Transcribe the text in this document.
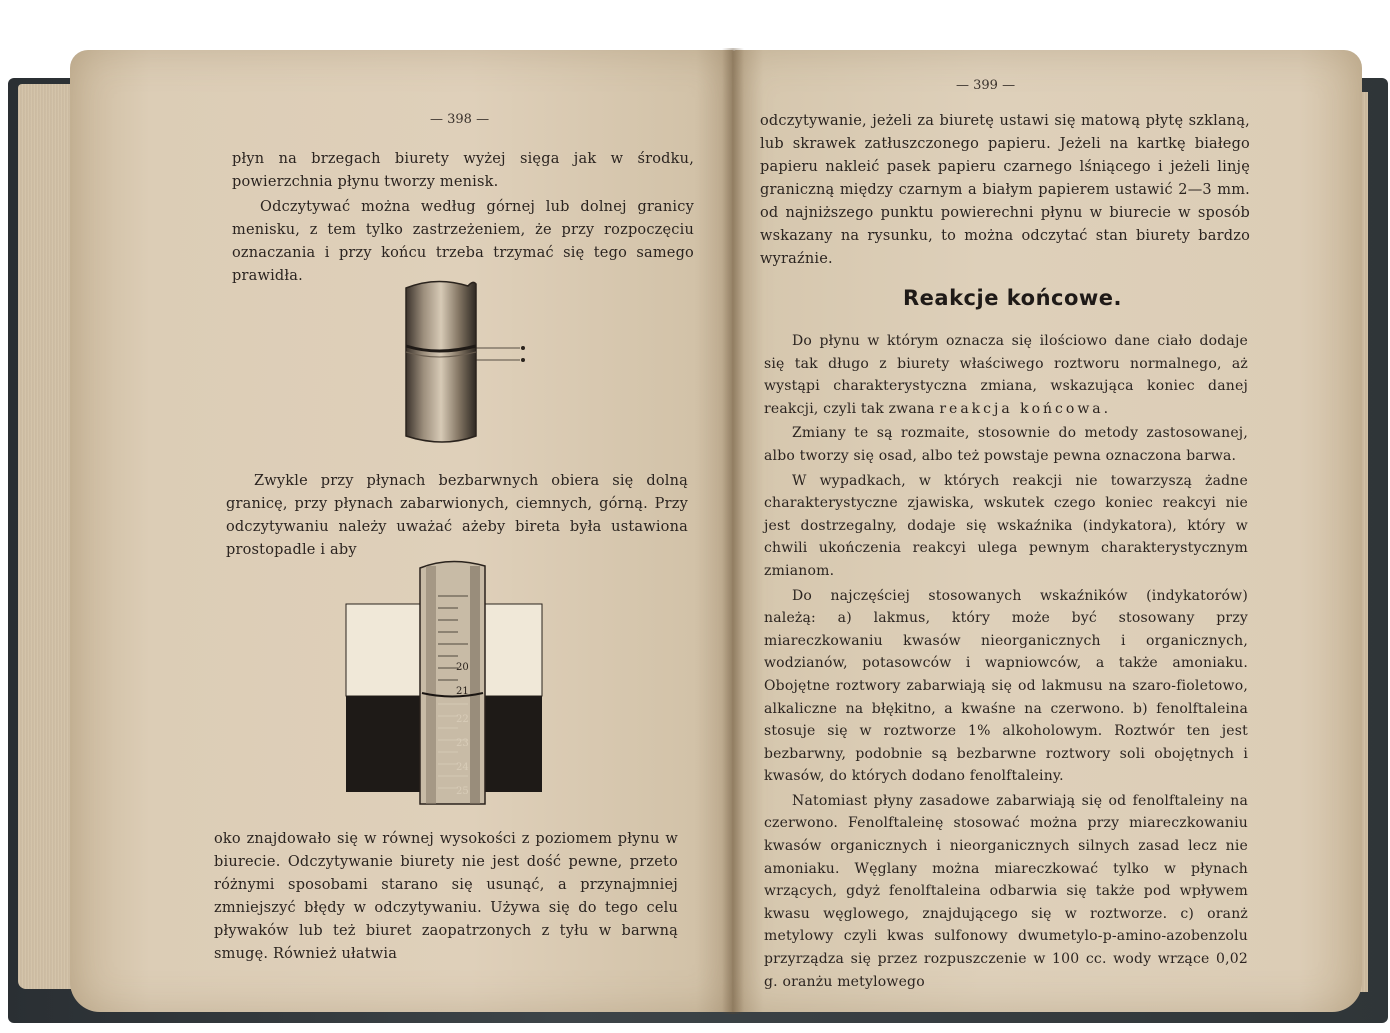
— 398 —

płyn na brzegach biurety wyżej sięga jak w środku, powierzchnia płynu tworzy menisk.

Odczytywać można według górnej lub dolnej granicy menisku, z tem tylko zastrzeżeniem, że przy rozpoczęciu oznaczania i przy końcu trzeba trzymać się tego samego prawidła.

Zwykle przy płynach bezbarwnych obiera się dolną granicę, przy płynach zabarwionych, ciemnych, górną. Przy odczytywaniu należy uważać ażeby bireta była ustawiona prostopadle i aby

20
21
22
23
24
25

oko znajdowało się w równej wysokości z poziomem płynu w biurecie. Odczytywanie biurety nie jest dość pewne, przeto różnymi sposobami starano się usunąć, a przynajmniej zmniejszyć błędy w odczytywaniu. Używa się do tego celu pływaków lub też biuret zaopatrzonych z tyłu w barwną smugę. Również ułatwia

— 399 —

odczytywanie, jeżeli za biuretę ustawi się matową płytę szklaną, lub skrawek zatłuszczonego papieru. Jeżeli na kartkę białego papieru nakleić pasek papieru czarnego lśniącego i jeżeli linję graniczną między czarnym a białym papierem ustawić 2—3 mm. od najniższego punktu powierechni płynu w biurecie w sposób wskazany na rysunku, to można odczytać stan biurety bardzo wyraźnie.

Reakcje końcowe.

Do płynu w którym oznacza się ilościowo dane ciało dodaje się tak długo z biurety właściwego roztworu normalnego, aż wystąpi charakterystyczna zmiana, wskazująca koniec danej reakcji, czyli tak zwana reakcja końcowa.

Zmiany te są rozmaite, stosownie do metody zastosowanej, albo tworzy się osad, albo też powstaje pewna oznaczona barwa.

W wypadkach, w których reakcji nie towarzyszą żadne charakterystyczne zjawiska, wskutek czego koniec reakcyi nie jest dostrzegalny, dodaje się wskaźnika (indykatora), który w chwili ukończenia reakcyi ulega pewnym charakterystycznym zmianom.

Do najczęściej stosowanych wskaźników (indykatorów) należą: a) lakmus, który może być stosowany przy miareczkowaniu kwasów nieorganicznych i organicznych, wodzianów, potasowców i wapniowców, a także amoniaku. Obojętne roztwory zabarwiają się od lakmusu na szaro-fioletowo, alkaliczne na błękitno, a kwaśne na czerwono. b) fenolftaleina stosuje się w roztworze 1% alkoholowym. Roztwór ten jest bezbarwny, podobnie są bezbarwne roztwory soli obojętnych i kwasów, do których dodano fenolftaleiny.

Natomiast płyny zasadowe zabarwiają się od fenolftaleiny na czerwono. Fenolftaleinę stosować można przy miareczkowaniu kwasów organicznych i nieorganicznych silnych zasad lecz nie amoniaku. Węglany można miareczkować tylko w płynach wrzących, gdyż fenolftaleina odbarwia się także pod wpływem kwasu węglowego, znajdującego się w roztworze. c) oranż metylowy czyli kwas sulfonowy dwumetylo-p-amino-azobenzolu przyrządza się przez rozpuszczenie w 100 cc. wody wrzące 0,02 g. oranżu metylowego
